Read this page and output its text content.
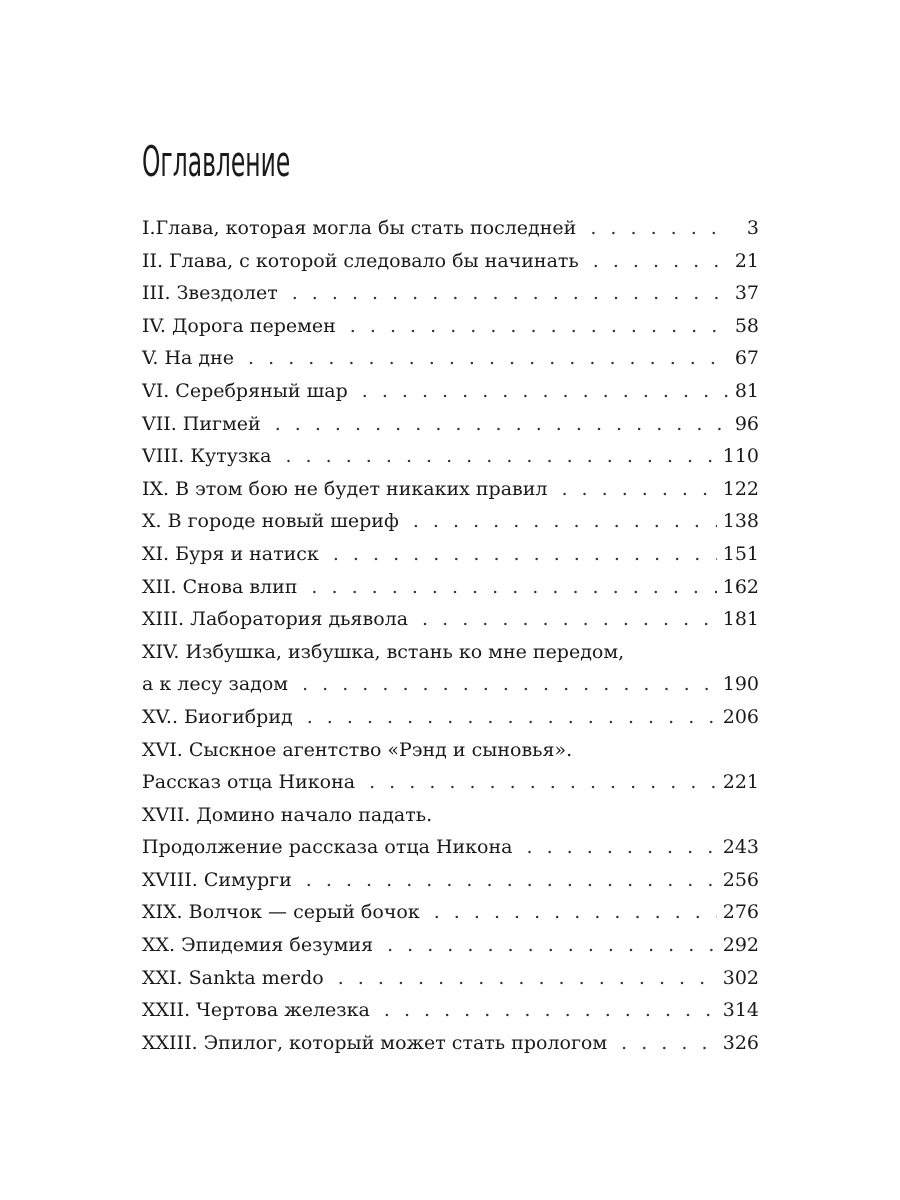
Оглавление
I.Глава, которая могла бы стать последней . . .	3
II. Глава, с которой следовало бы начинать . . .	21
III. Звездолет . . .	37
IV. Дорога перемен . . .	58
V. На дне . . .	67
VI. Серебряный шар . . .	81
VII. Пигмей . . .	96
VIII. Кутузка . . .	110
IX. В этом бою не будет никаких правил . . .	122
X. В городе новый шериф . . .	138
XI. Буря и натиск . . .	151
XII. Снова влип . . .	162
XIII. Лаборатория дьявола . . .	181
XIV. Избушка, избушка, встань ко мне передом,
а к лесу задом . . .	190
XV.. Биогибрид . . .	206
XVI. Сыскное агентство «Рэнд и сыновья».
Рассказ отца Никона . . .	221
XVII. Домино начало падать.
Продолжение рассказа отца Никона . . .	243
XVIII. Симурги . . .	256
XIX. Волчок — серый бочок . . .	276
XX. Эпидемия безумия . . .	292
XXI. Sankta merdo . . .	302
XXII. Чертова железка . . .	314
XXIII. Эпилог, который может стать прологом . . .	326
